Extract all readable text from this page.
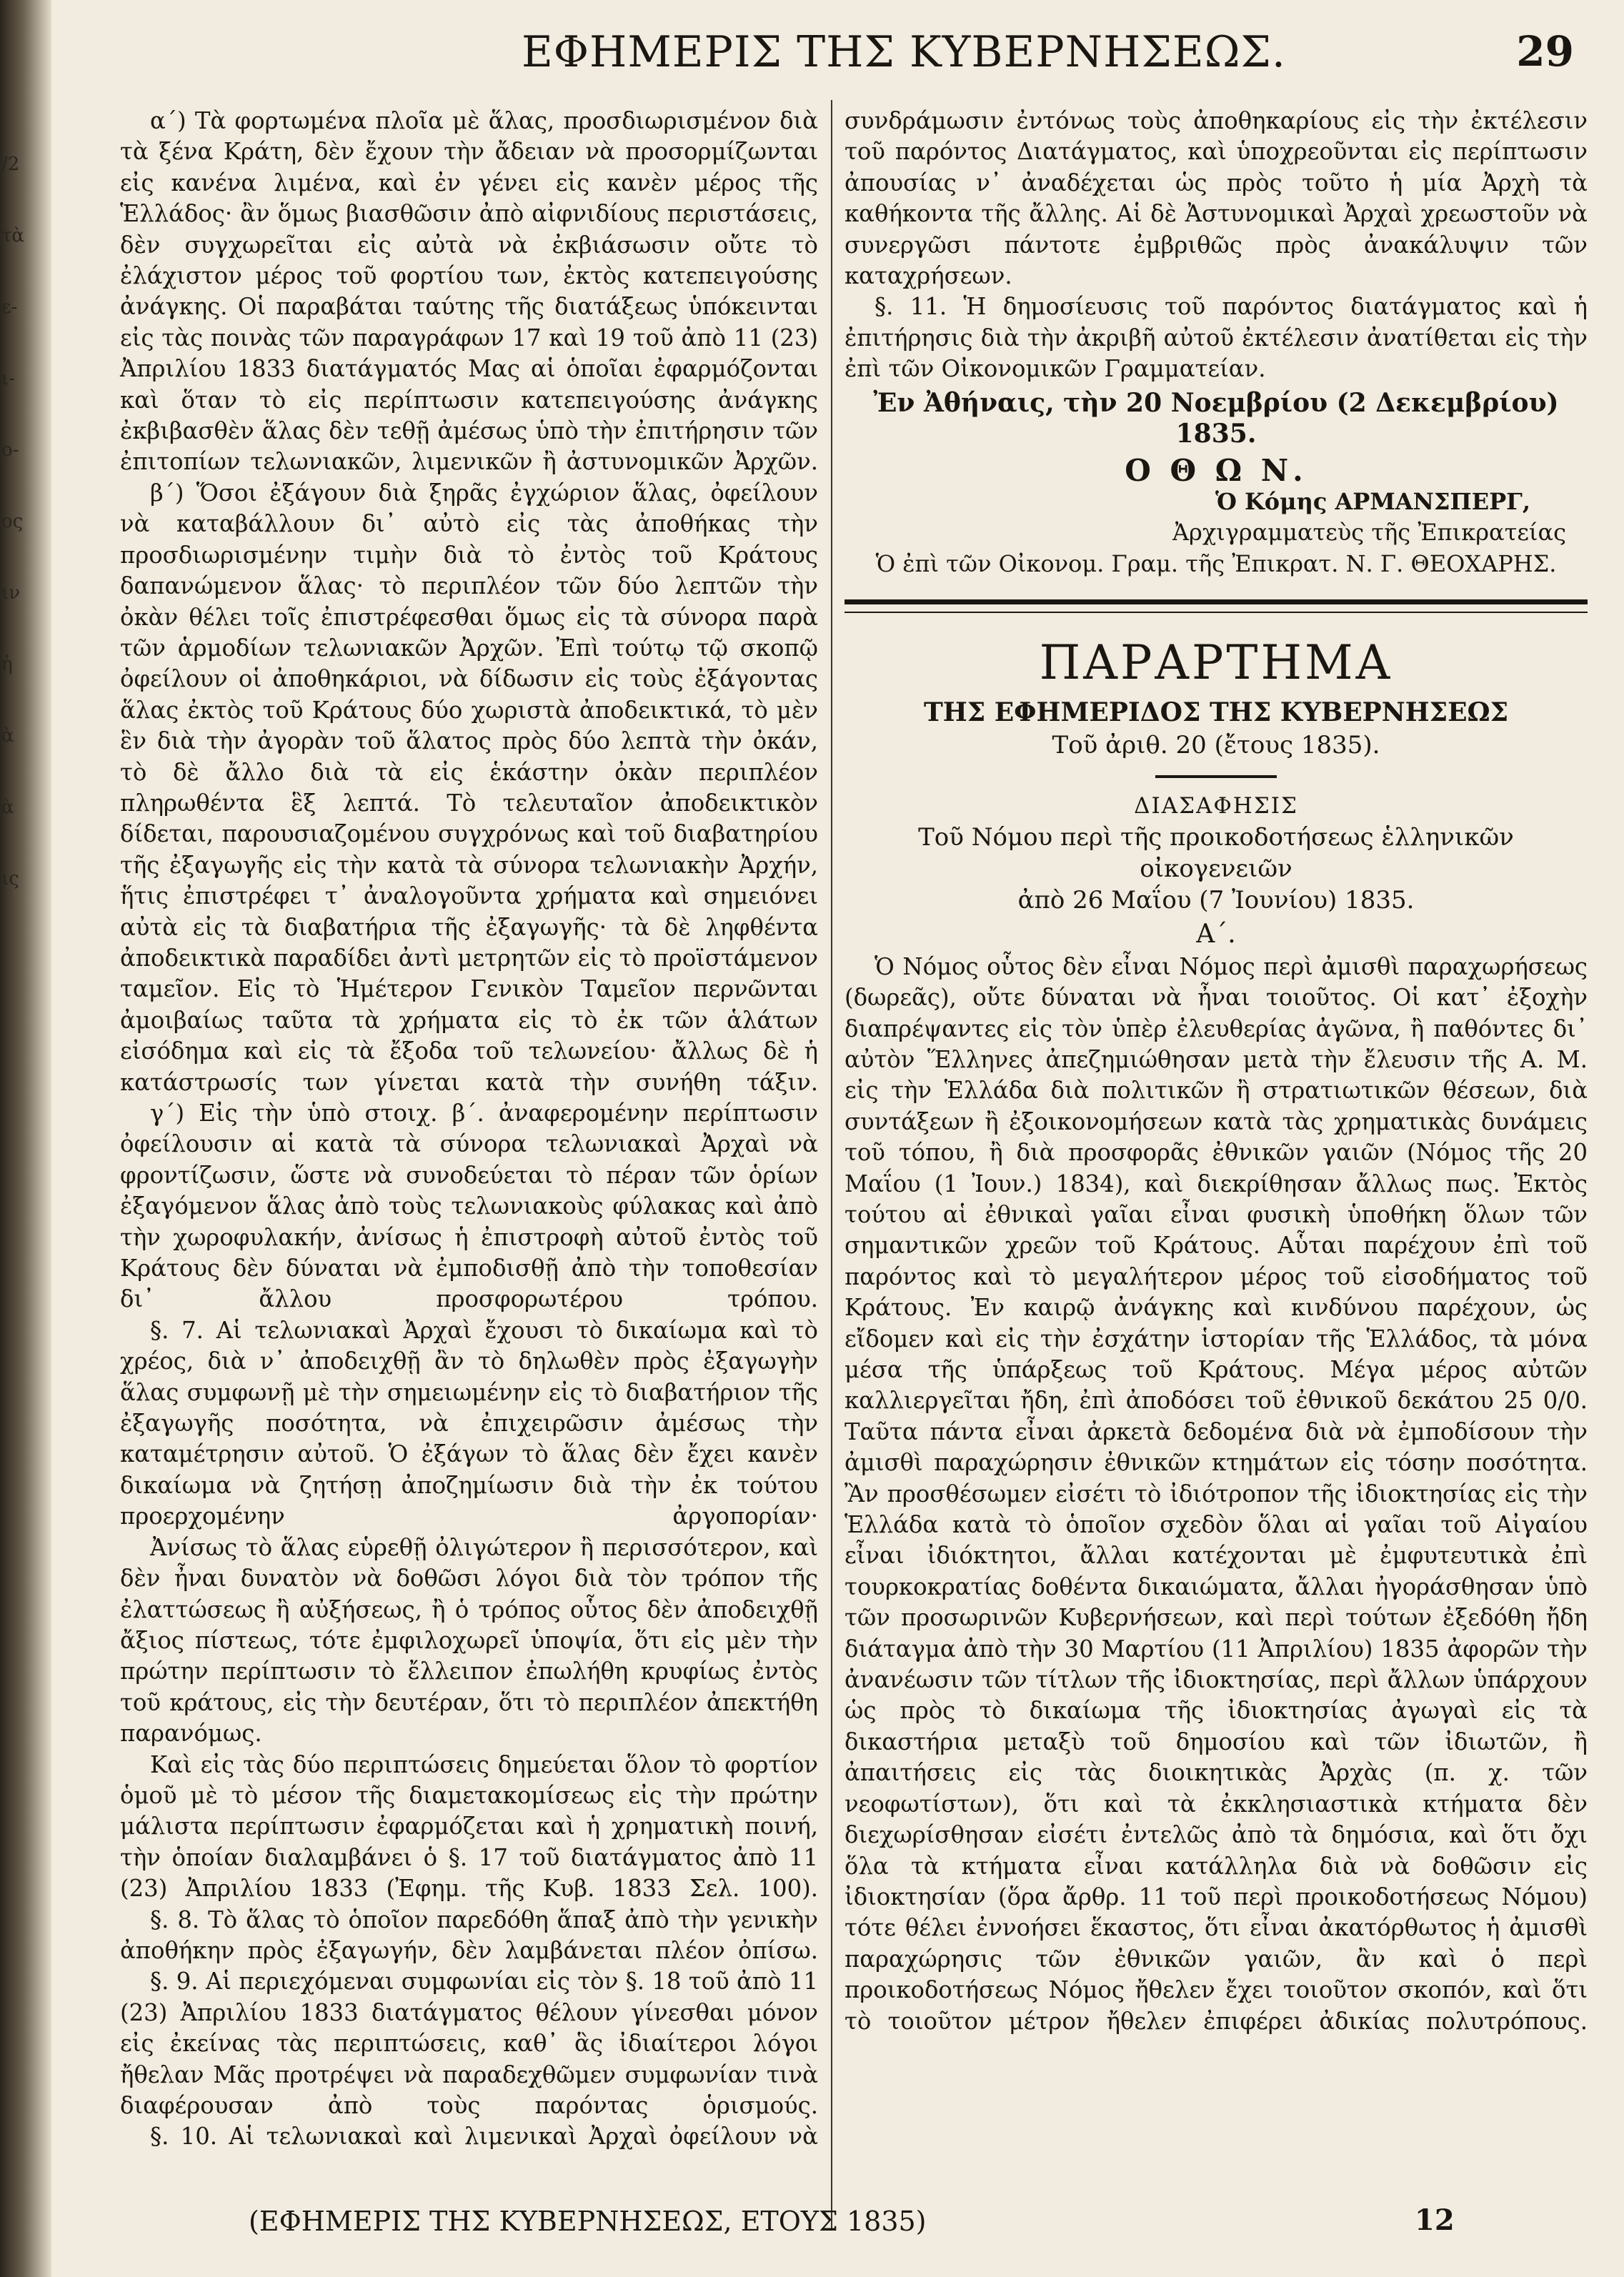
/2
τὰ
ε-
ι-
ο-
ος
ιν
ἡ
ὰ
ὰ
ις
ΕΦΗΜΕΡΙΣ ΤΗΣ ΚΥΒΕΡΝΗΣΕΩΣ.	29

α´) Τὰ φορτωμένα πλοῖα μὲ ἅλας, προσδιωρισμένον διὰ τὰ ξένα Κράτη, δὲν ἔχουν τὴν ἄδειαν νὰ προσορμίζωνται εἰς κανένα λιμένα, καὶ ἐν γένει εἰς κανὲν μέρος τῆς Ἑλλάδος· ἂν ὅμως βιασθῶσιν ἀπὸ αἰφνιδίους περιστάσεις, δὲν συγχωρεῖται εἰς αὐτὰ νὰ ἐκβιάσωσιν οὔτε τὸ ἐλάχιστον μέρος τοῦ φορτίου των, ἐκτὸς κατεπειγούσης ἀνάγκης. Οἱ παραβάται ταύτης τῆς διατάξεως ὑπόκεινται εἰς τὰς ποινὰς τῶν παραγράφων 17 καὶ 19 τοῦ ἀπὸ 11 (23) Ἀπριλίου 1833 διατάγματός Μας αἱ ὁποῖαι ἐφαρμόζονται καὶ ὅταν τὸ εἰς περίπτωσιν κατεπειγούσης ἀνάγκης ἐκβιβασθὲν ἅλας δὲν τεθῇ ἀμέσως ὑπὸ τὴν ἐπιτήρησιν τῶν ἐπιτοπίων τελωνιακῶν, λιμενικῶν ἢ ἀστυνομικῶν Ἀρχῶν.

β´) Ὅσοι ἐξάγουν διὰ ξηρᾶς ἐγχώριον ἅλας, ὀφείλουν νὰ καταβάλλουν δι᾽ αὐτὸ εἰς τὰς ἀποθήκας τὴν προσδιωρισμένην τιμὴν διὰ τὸ ἐντὸς τοῦ Κράτους δαπανώμενον ἅλας· τὸ περιπλέον τῶν δύο λεπτῶν τὴν ὀκὰν θέλει τοῖς ἐπιστρέφεσθαι ὅμως εἰς τὰ σύνορα παρὰ τῶν ἁρμοδίων τελωνιακῶν Ἀρχῶν. Ἐπὶ τούτῳ τῷ σκοπῷ ὀφείλουν οἱ ἀποθηκάριοι, νὰ δίδωσιν εἰς τοὺς ἐξάγοντας ἅλας ἐκτὸς τοῦ Κράτους δύο χωριστὰ ἀποδεικτικά, τὸ μὲν ἓν διὰ τὴν ἀγορὰν τοῦ ἅλατος πρὸς δύο λεπτὰ τὴν ὀκάν, τὸ δὲ ἄλλο διὰ τὰ εἰς ἑκάστην ὀκὰν περιπλέον πληρωθέντα ἓξ λεπτά. Τὸ τελευταῖον ἀποδεικτικὸν δίδεται, παρουσιαζομένου συγχρόνως καὶ τοῦ διαβατηρίου τῆς ἐξαγωγῆς εἰς τὴν κατὰ τὰ σύνορα τελωνιακὴν Ἀρχήν, ἥτις ἐπιστρέφει τ᾽ ἀναλογοῦντα χρήματα καὶ σημειόνει αὐτὰ εἰς τὰ διαβατήρια τῆς ἐξαγωγῆς· τὰ δὲ ληφθέντα ἀποδεικτικὰ παραδίδει ἀντὶ μετρητῶν εἰς τὸ προϊστάμενον ταμεῖον. Εἰς τὸ Ἡμέτερον Γενικὸν Ταμεῖον περνῶνται ἀμοιβαίως ταῦτα τὰ χρήματα εἰς τὸ ἐκ τῶν ἁλάτων εἰσόδημα καὶ εἰς τὰ ἔξοδα τοῦ τελωνείου· ἄλλως δὲ ἡ κατάστρωσίς των γίνεται κατὰ τὴν συνήθη τάξιν.

γ´) Εἰς τὴν ὑπὸ στοιχ. β´. ἀναφερομένην περίπτωσιν ὀφείλουσιν αἱ κατὰ τὰ σύνορα τελωνιακαὶ Ἀρχαὶ νὰ φροντίζωσιν, ὥστε νὰ συνοδεύεται τὸ πέραν τῶν ὁρίων ἐξαγόμενον ἅλας ἀπὸ τοὺς τελωνιακοὺς φύλακας καὶ ἀπὸ τὴν χωροφυλακήν, ἀνίσως ἡ ἐπιστροφὴ αὐτοῦ ἐντὸς τοῦ Κράτους δὲν δύναται νὰ ἐμποδισθῇ ἀπὸ τὴν τοποθεσίαν δι᾽ ἄλλου προσφορωτέρου τρόπου.

§. 7. Αἱ τελωνιακαὶ Ἀρχαὶ ἔχουσι τὸ δικαίωμα καὶ τὸ χρέος, διὰ ν᾽ ἀποδειχθῇ ἂν τὸ δηλωθὲν πρὸς ἐξαγωγὴν ἅλας συμφωνῇ μὲ τὴν σημειωμένην εἰς τὸ διαβατήριον τῆς ἐξαγωγῆς ποσότητα, νὰ ἐπιχειρῶσιν ἀμέσως τὴν καταμέτρησιν αὐτοῦ. Ὁ ἐξάγων τὸ ἅλας δὲν ἔχει κανὲν δικαίωμα νὰ ζητήσῃ ἀποζημίωσιν διὰ τὴν ἐκ τούτου προερχομένην ἀργοπορίαν·

Ἀνίσως τὸ ἅλας εὑρεθῇ ὀλιγώτερον ἢ περισσότερον, καὶ δὲν ἦναι δυνατὸν νὰ δοθῶσι λόγοι διὰ τὸν τρόπον τῆς ἐλαττώσεως ἢ αὐξήσεως, ἢ ὁ τρόπος οὗτος δὲν ἀποδειχθῇ ἄξιος πίστεως, τότε ἐμφιλοχωρεῖ ὑποψία, ὅτι εἰς μὲν τὴν πρώτην περίπτωσιν τὸ ἔλλειπον ἐπωλήθη κρυφίως ἐντὸς τοῦ κράτους, εἰς τὴν δευτέραν, ὅτι τὸ περιπλέον ἀπεκτήθη παρανόμως.

Καὶ εἰς τὰς δύο περιπτώσεις δημεύεται ὅλον τὸ φορτίον ὁμοῦ μὲ τὸ μέσον τῆς διαμετακομίσεως εἰς τὴν πρώτην μάλιστα περίπτωσιν ἐφαρμόζεται καὶ ἡ χρηματικὴ ποινή, τὴν ὁποίαν διαλαμβάνει ὁ §. 17 τοῦ διατάγματος ἀπὸ 11 (23) Ἀπριλίου 1833 (Ἐφημ. τῆς Κυβ. 1833 Σελ. 100).

§. 8. Τὸ ἅλας τὸ ὁποῖον παρεδόθη ἅπαξ ἀπὸ τὴν γενικὴν ἀποθήκην πρὸς ἐξαγωγήν, δὲν λαμβάνεται πλέον ὀπίσω.

§. 9. Αἱ περιεχόμεναι συμφωνίαι εἰς τὸν §. 18 τοῦ ἀπὸ 11 (23) Ἀπριλίου 1833 διατάγματος θέλουν γίνεσθαι μόνον εἰς ἐκείνας τὰς περιπτώσεις, καθ᾽ ἃς ἰδιαίτεροι λόγοι ἤθελαν Μᾶς προτρέψει νὰ παραδεχθῶμεν συμφωνίαν τινὰ διαφέρουσαν ἀπὸ τοὺς παρόντας ὁρισμούς.

§. 10. Αἱ τελωνιακαὶ καὶ λιμενικαὶ Ἀρχαὶ ὀφείλουν νὰ

συνδράμωσιν ἐντόνως τοὺς ἀποθηκαρίους εἰς τὴν ἐκτέλεσιν τοῦ παρόντος Διατάγματος, καὶ ὑποχρεοῦνται εἰς περίπτωσιν ἀπουσίας ν᾽ ἀναδέχεται ὡς πρὸς τοῦτο ἡ μία Ἀρχὴ τὰ καθήκοντα τῆς ἄλλης. Αἱ δὲ Ἀστυνομικαὶ Ἀρχαὶ χρεωστοῦν νὰ συνεργῶσι πάντοτε ἐμβριθῶς πρὸς ἀνακάλυψιν τῶν καταχρήσεων.

§. 11. Ἡ δημοσίευσις τοῦ παρόντος διατάγματος καὶ ἡ ἐπιτήρησις διὰ τὴν ἀκριβῆ αὐτοῦ ἐκτέλεσιν ἀνατίθεται εἰς τὴν ἐπὶ τῶν Οἰκονομικῶν Γραμματείαν.

Ἐν Ἀθήναις, τὴν 20 Νοεμβρίου (2 Δεκεμβρίου) 1835.

Ο Θ Ω Ν.

Ὁ Κόμης ΑΡΜΑΝΣΠΕΡΓ,

Ἀρχιγραμματεὺς τῆς Ἐπικρατείας

Ὁ ἐπὶ τῶν Οἰκονομ. Γραμ. τῆς Ἐπικρατ. Ν. Γ. ΘΕΟΧΑΡΗΣ.

ΠΑΡΑΡΤΗΜΑ

ΤΗΣ ΕΦΗΜΕΡΙΔΟΣ ΤΗΣ ΚΥΒΕΡΝΗΣΕΩΣ

Τοῦ ἀριθ. 20 (ἔτους 1835).

ΔΙΑΣΑΦΗΣΙΣ

Τοῦ Νόμου περὶ τῆς προικοδοτήσεως ἑλληνικῶν οἰκογενειῶν

ἀπὸ 26 Μαΐου (7 Ἰουνίου) 1835.

Α´.

Ὁ Νόμος οὗτος δὲν εἶναι Νόμος περὶ ἀμισθὶ παραχωρήσεως (δωρεᾶς), οὔτε δύναται νὰ ἦναι τοιοῦτος. Οἱ κατ᾽ ἐξοχὴν διαπρέψαντες εἰς τὸν ὑπὲρ ἐλευθερίας ἀγῶνα, ἢ παθόντες δι᾽ αὐτὸν Ἕλληνες ἀπεζημιώθησαν μετὰ τὴν ἔλευσιν τῆς Α. Μ. εἰς τὴν Ἑλλάδα διὰ πολιτικῶν ἢ στρατιωτικῶν θέσεων, διὰ συντάξεων ἢ ἐξοικονομήσεων κατὰ τὰς χρηματικὰς δυνάμεις τοῦ τόπου, ἢ διὰ προσφορᾶς ἐθνικῶν γαιῶν (Νόμος τῆς 20 Μαΐου (1 Ἰουν.) 1834), καὶ διεκρίθησαν ἄλλως πως. Ἐκτὸς τούτου αἱ ἐθνικαὶ γαῖαι εἶναι φυσικὴ ὑποθήκη ὅλων τῶν σημαντικῶν χρεῶν τοῦ Κράτους. Αὗται παρέχουν ἐπὶ τοῦ παρόντος καὶ τὸ μεγαλήτερον μέρος τοῦ εἰσοδήματος τοῦ Κράτους. Ἐν καιρῷ ἀνάγκης καὶ κινδύνου παρέχουν, ὡς εἴδομεν καὶ εἰς τὴν ἐσχάτην ἱστορίαν τῆς Ἑλλάδος, τὰ μόνα μέσα τῆς ὑπάρξεως τοῦ Κράτους. Μέγα μέρος αὐτῶν καλλιεργεῖται ἤδη, ἐπὶ ἀποδόσει τοῦ ἐθνικοῦ δεκάτου 25 0/0. Ταῦτα πάντα εἶναι ἀρκετὰ δεδομένα διὰ νὰ ἐμποδίσουν τὴν ἀμισθὶ παραχώρησιν ἐθνικῶν κτημάτων εἰς τόσην ποσότητα. Ἂν προσθέσωμεν εἰσέτι τὸ ἰδιότροπον τῆς ἰδιοκτησίας εἰς τὴν Ἑλλάδα κατὰ τὸ ὁποῖον σχεδὸν ὅλαι αἱ γαῖαι τοῦ Αἰγαίου εἶναι ἰδιόκτητοι, ἄλλαι κατέχονται μὲ ἐμφυτευτικὰ ἐπὶ τουρκοκρατίας δοθέντα δικαιώματα, ἄλλαι ἠγοράσθησαν ὑπὸ τῶν προσωρινῶν Κυβερνήσεων, καὶ περὶ τούτων ἐξεδόθη ἤδη διάταγμα ἀπὸ τὴν 30 Μαρτίου (11 Ἀπριλίου) 1835 ἀφορῶν τὴν ἀνανέωσιν τῶν τίτλων τῆς ἰδιοκτησίας, περὶ ἄλλων ὑπάρχουν ὡς πρὸς τὸ δικαίωμα τῆς ἰδιοκτησίας ἀγωγαὶ εἰς τὰ δικαστήρια μεταξὺ τοῦ δημοσίου καὶ τῶν ἰδιωτῶν, ἢ ἀπαιτήσεις εἰς τὰς διοικητικὰς Ἀρχὰς (π. χ. τῶν νεοφωτίστων), ὅτι καὶ τὰ ἐκκλησιαστικὰ κτήματα δὲν διεχωρίσθησαν εἰσέτι ἐντελῶς ἀπὸ τὰ δημόσια, καὶ ὅτι ὄχι ὅλα τὰ κτήματα εἶναι κατάλληλα διὰ νὰ δοθῶσιν εἰς ἰδιοκτησίαν (ὅρα ἄρθρ. 11 τοῦ περὶ προικοδοτήσεως Νόμου) τότε θέλει ἐννοήσει ἕκαστος, ὅτι εἶναι ἀκατόρθωτος ἡ ἀμισθὶ παραχώρησις τῶν ἐθνικῶν γαιῶν, ἂν καὶ ὁ περὶ προικοδοτήσεως Νόμος ἤθελεν ἔχει τοιοῦτον σκοπόν, καὶ ὅτι τὸ τοιοῦτον μέτρον ἤθελεν ἐπιφέρει ἀδικίας πολυτρόπους.

(ΕΦΗΜΕΡΙΣ ΤΗΣ ΚΥΒΕΡΝΗΣΕΩΣ, ΕΤΟΥΣ 1835)	12
